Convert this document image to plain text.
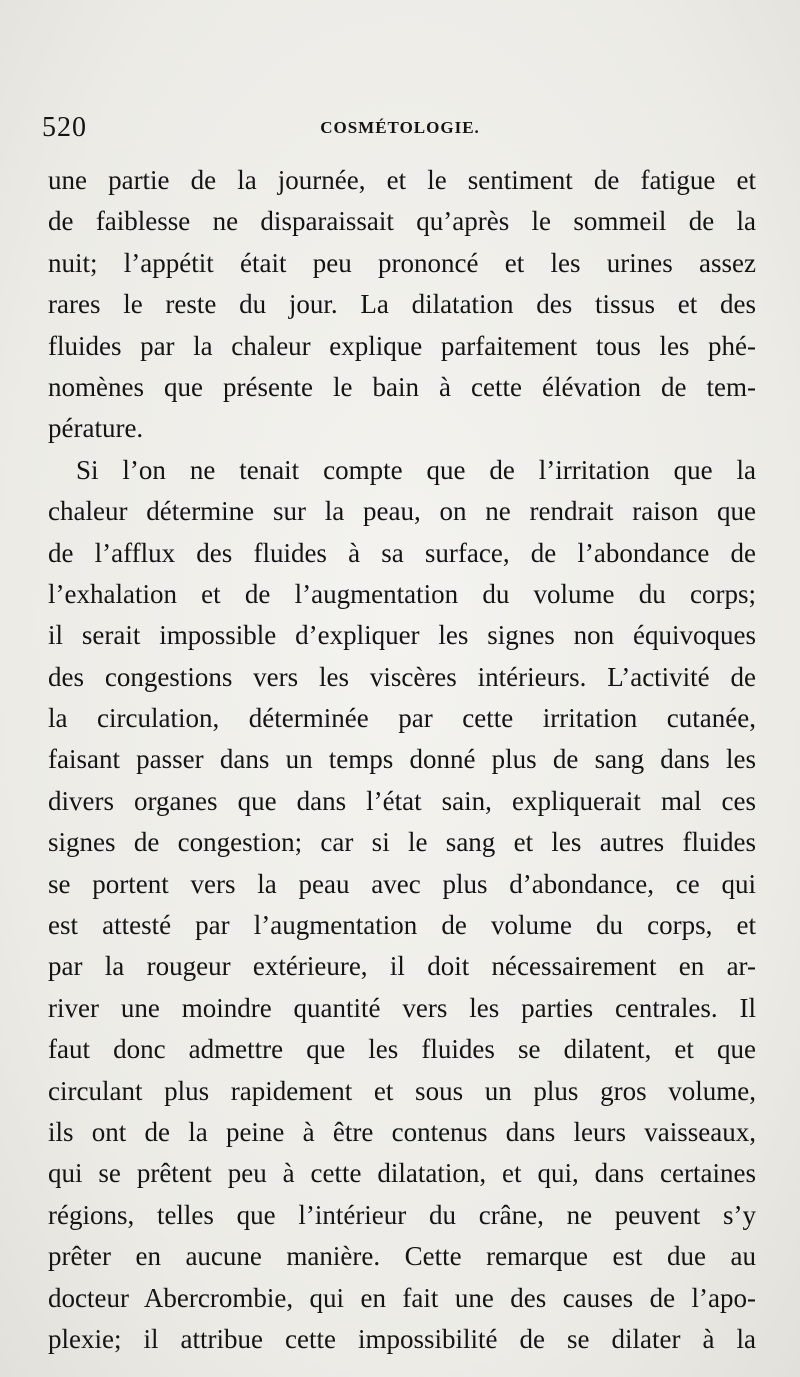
520	COSMÉTOLOGIE.
une partie de la journée, et le sentiment de fatigue et
de faiblesse ne disparaissait qu’après le sommeil de la
nuit; l’appétit était peu prononcé et les urines assez
rares le reste du jour. La dilatation des tissus et des
fluides par la chaleur explique parfaitement tous les phé-
nomènes que présente le bain à cette élévation de tem-
pérature.
Si l’on ne tenait compte que de l’irritation que la
chaleur détermine sur la peau, on ne rendrait raison que
de l’afflux des fluides à sa surface, de l’abondance de
l’exhalation et de l’augmentation du volume du corps;
il serait impossible d’expliquer les signes non équivoques
des congestions vers les viscères intérieurs. L’activité de
la circulation, déterminée par cette irritation cutanée,
faisant passer dans un temps donné plus de sang dans les
divers organes que dans l’état sain, expliquerait mal ces
signes de congestion; car si le sang et les autres fluides
se portent vers la peau avec plus d’abondance, ce qui
est attesté par l’augmentation de volume du corps, et
par la rougeur extérieure, il doit nécessairement en ar-
river une moindre quantité vers les parties centrales. Il
faut donc admettre que les fluides se dilatent, et que
circulant plus rapidement et sous un plus gros volume,
ils ont de la peine à être contenus dans leurs vaisseaux,
qui se prêtent peu à cette dilatation, et qui, dans certaines
régions, telles que l’intérieur du crâne, ne peuvent s’y
prêter en aucune manière. Cette remarque est due au
docteur Abercrombie, qui en fait une des causes de l’apo-
plexie; il attribue cette impossibilité de se dilater à la
